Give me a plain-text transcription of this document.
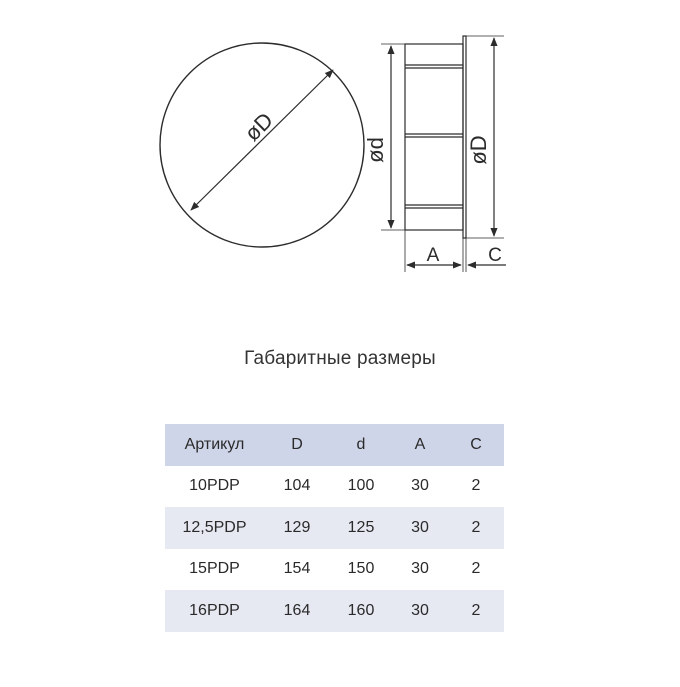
øD
ød	øD
A	C
Габаритные размеры
Артикул	D	d	A	C
10PDP	104	100	30	2
12,5PDP	129	125	30	2
15PDP	154	150	30	2
16PDP	164	160	30	2
